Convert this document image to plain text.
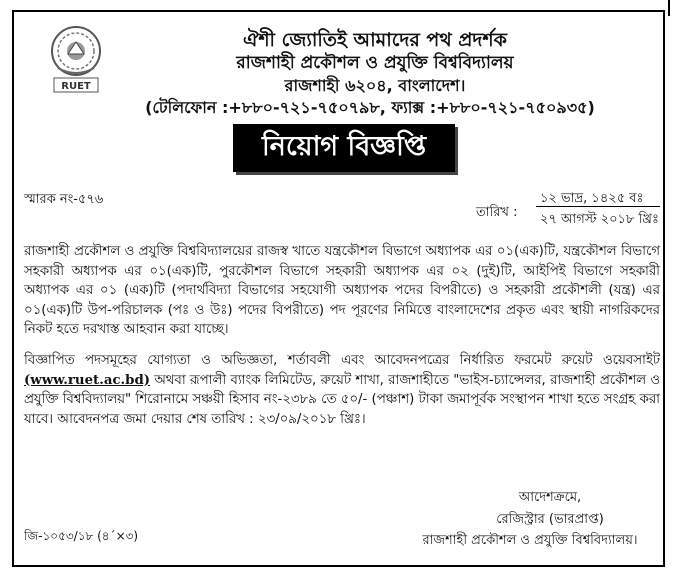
RUET
ঐশী জ্যোতিই আমাদের পথ প্রদর্শক
রাজশাহী প্রকৌশল ও প্রযুক্তি বিশ্ববিদ্যালয়
রাজশাহী ৬২০৪, বাংলাদেশ।
(টেলিফোন :+৮৮০-৭২১-৭৫০৭৯৮, ফ্যাক্স :+৮৮০-৭২১-৭৫০৯৩৫)
নিয়োগ বিজ্ঞপ্তি
স্মারক নং-৫৭৬
তারিখ :
১২ ভাদ্র, ১৪২৫ বঃ
২৭ আগস্ট ২০১৮ খ্রিঃ
রাজশাহী প্রকৌশল ও প্রযুক্তি বিশ্ববিদ্যালয়ের রাজস্ব খাতে যন্ত্রকৌশল বিভাগে অধ্যাপক এর ০১(এক)টি, যন্ত্রকৌশল বিভাগে সহকারী অধ্যাপক এর ০১(এক)টি, পুরকৌশল বিভাগে সহকারী অধ্যাপক এর ০২ (দুই)টি, আইপিই বিভাগে সহকারী অধ্যাপক এর ০১ (এক)টি (পদার্থবিদ্যা বিভাগের সহযোগী অধ্যাপক পদের বিপরীতে) ও সহকারী প্রকৌশলী (যন্ত্র) এর ০১(এক)টি উপ-পরিচালক (পঃ ও উঃ) পদের বিপরীতে) পদ পূরণের নিমিত্তে বাংলাদেশের প্রকৃত এবং স্থায়ী নাগরিকদের নিকট হতে দরখাস্ত আহবান করা যাচ্ছে।
বিজ্ঞাপিত পদসমূহের যোগ্যতা ও অভিজ্ঞতা, শর্তাবলী এবং আবেদনপত্রের নির্ধারিত ফরমেট রুয়েট ওয়েবসাইট (www.ruet.ac.bd) অথবা রূপালী ব্যাংক লিমিটেড, রুয়েট শাখা, রাজশাহীতে "ভাইস-চ্যান্সেলর, রাজশাহী প্রকৌশল ও প্রযুক্তি বিশ্ববিদ্যালয়" শিরোনামে সঞ্চয়ী হিসাব নং-২৩৮৯ তে ৫০/- (পঞ্চাশ) টাকা জমাপূর্বক সংস্থাপন শাখা হতে সংগ্রহ করা যাবে। আবেদনপত্র জমা দেয়ার শেষ তারিখ : ২৩/০৯/২০১৮ খ্রিঃ।
আদেশক্রমে,
রেজিস্ট্রার (ভারপ্রাপ্ত)
রাজশাহী প্রকৌশল ও প্রযুক্তি বিশ্ববিদ্যালয়।
জি-১০৫৩/১৮ (৪´×৩)
